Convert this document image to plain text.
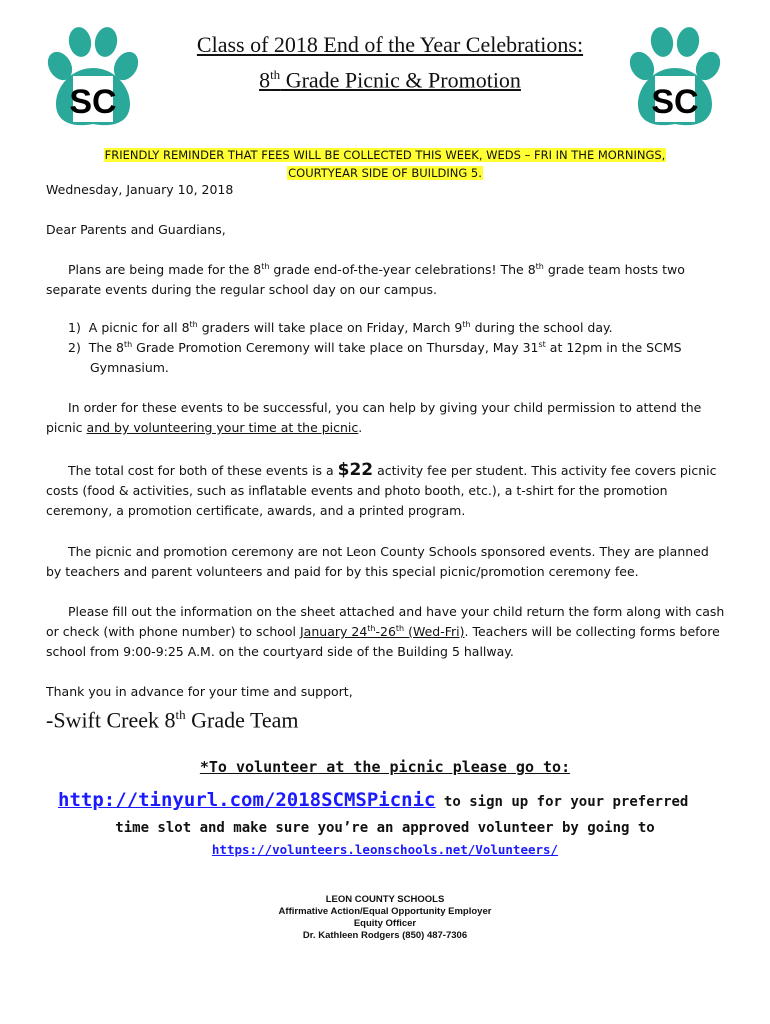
SC	SC
Class of 2018 End of the Year Celebrations:
8th Grade Picnic & Promotion
FRIENDLY REMINDER THAT FEES WILL BE COLLECTED THIS WEEK, WEDS – FRI IN THE MORNINGS,
COURTYEAR SIDE OF BUILDING 5.
Wednesday, January 10, 2018
Dear Parents and Guardians,
Plans are being made for the 8th grade end-of-the-year celebrations! The 8th grade team hosts two separate events during the regular school day on our campus.
1) A picnic for all 8th graders will take place on Friday, March 9th during the school day.
2) The 8th Grade Promotion Ceremony will take place on Thursday, May 31st at 12pm in the SCMS Gymnasium.
In order for these events to be successful, you can help by giving your child permission to attend the picnic and by volunteering your time at the picnic.
The total cost for both of these events is a $22 activity fee per student. This activity fee covers picnic costs (food & activities, such as inflatable events and photo booth, etc.), a t-shirt for the promotion ceremony, a promotion certificate, awards, and a printed program.
The picnic and promotion ceremony are not Leon County Schools sponsored events. They are planned by teachers and parent volunteers and paid for by this special picnic/promotion ceremony fee.
Please fill out the information on the sheet attached and have your child return the form along with cash or check (with phone number) to school January 24th-26th (Wed-Fri). Teachers will be collecting forms before school from 9:00-9:25 A.M. on the courtyard side of the Building 5 hallway.
Thank you in advance for your time and support,
-Swift Creek 8th Grade Team
*To volunteer at the picnic please go to:
http://tinyurl.com/2018SCMSPicnic to sign up for your preferred
time slot and make sure you’re an approved volunteer by going to
https://volunteers.leonschools.net/Volunteers/
LEON COUNTY SCHOOLS
Affirmative Action/Equal Opportunity Employer
Equity Officer
Dr. Kathleen Rodgers (850) 487-7306
